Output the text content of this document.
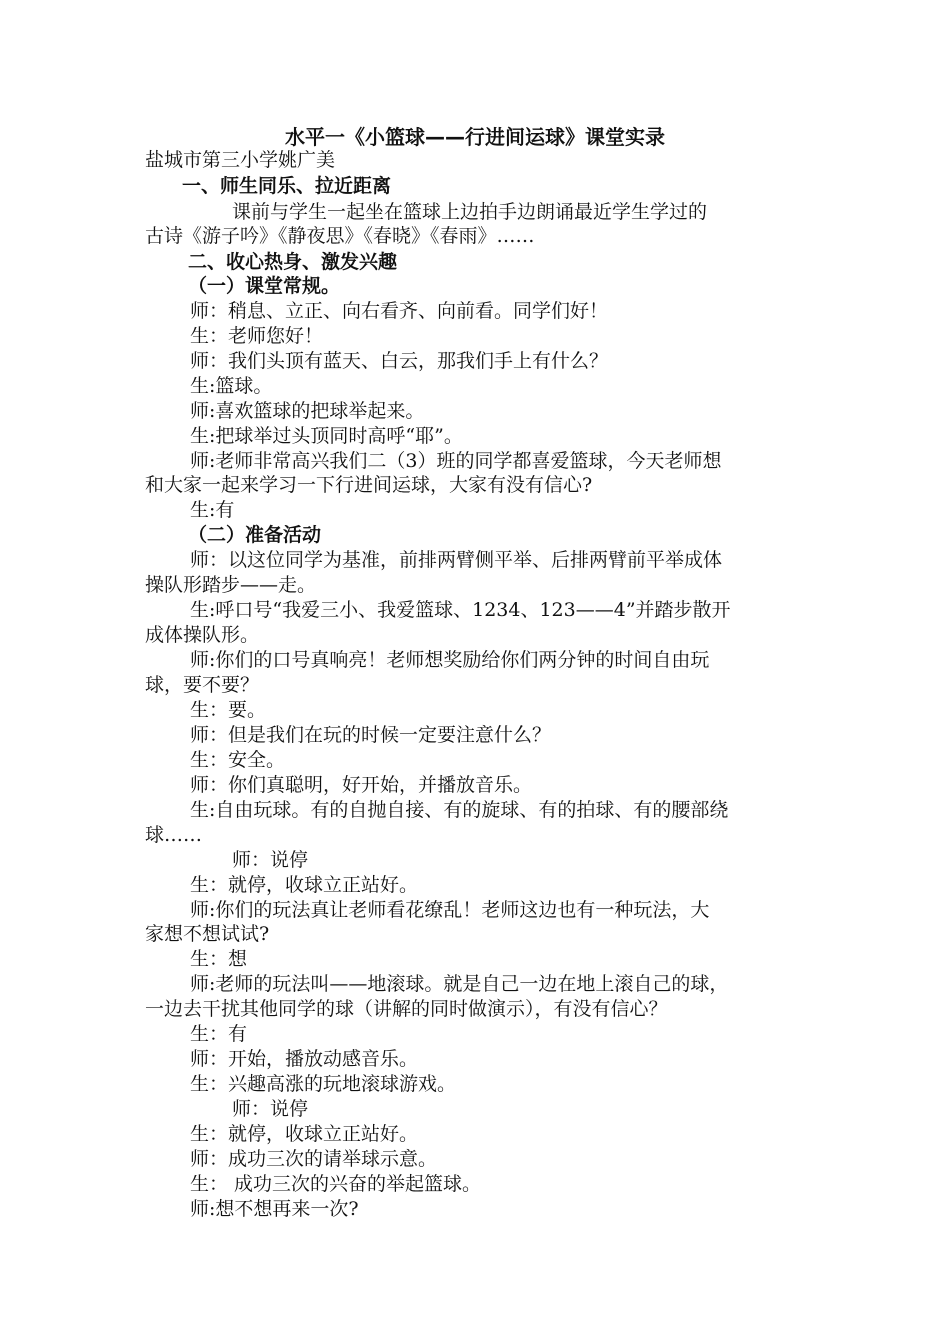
水平一《小篮球——行进间运球》课堂实录
盐城市第三小学姚广美
一、师生同乐、拉近距离
课前与学生一起坐在篮球上边拍手边朗诵最近学生学过的
古诗《游子吟》《静夜思》《春晓》《春雨》……
二、收心热身、激发兴趣
（一）课堂常规。
师：稍息、立正、向右看齐、向前看。同学们好！
生：老师您好！
师：我们头顶有蓝天、白云，那我们手上有什么？
生:篮球。
师:喜欢篮球的把球举起来。
生:把球举过头顶同时高呼“耶”。
师:老师非常高兴我们二（3）班的同学都喜爱篮球，今天老师想
和大家一起来学习一下行进间运球，大家有没有信心?
生:有
（二）准备活动
师：以这位同学为基准，前排两臂侧平举、后排两臂前平举成体
操队形踏步——走。
生:呼口号“我爱三小、我爱篮球、1234、123——4”并踏步散开
成体操队形。
师:你们的口号真响亮！老师想奖励给你们两分钟的时间自由玩
球，要不要？
生：要。
师：但是我们在玩的时候一定要注意什么？
生：安全。
师：你们真聪明，好开始，并播放音乐。
生:自由玩球。有的自抛自接、有的旋球、有的拍球、有的腰部绕
球……
师：说停
生：就停，收球立正站好。
师:你们的玩法真让老师看花缭乱！老师这边也有一种玩法，大
家想不想试试?
生：想
师:老师的玩法叫——地滚球。就是自己一边在地上滚自己的球，
一边去干扰其他同学的球（讲解的同时做演示），有没有信心？
生：有
师：开始，播放动感音乐。
生：兴趣高涨的玩地滚球游戏。
师：说停
生：就停，收球立正站好。
师：成功三次的请举球示意。
生： 成功三次的兴奋的举起篮球。
师:想不想再来一次?
